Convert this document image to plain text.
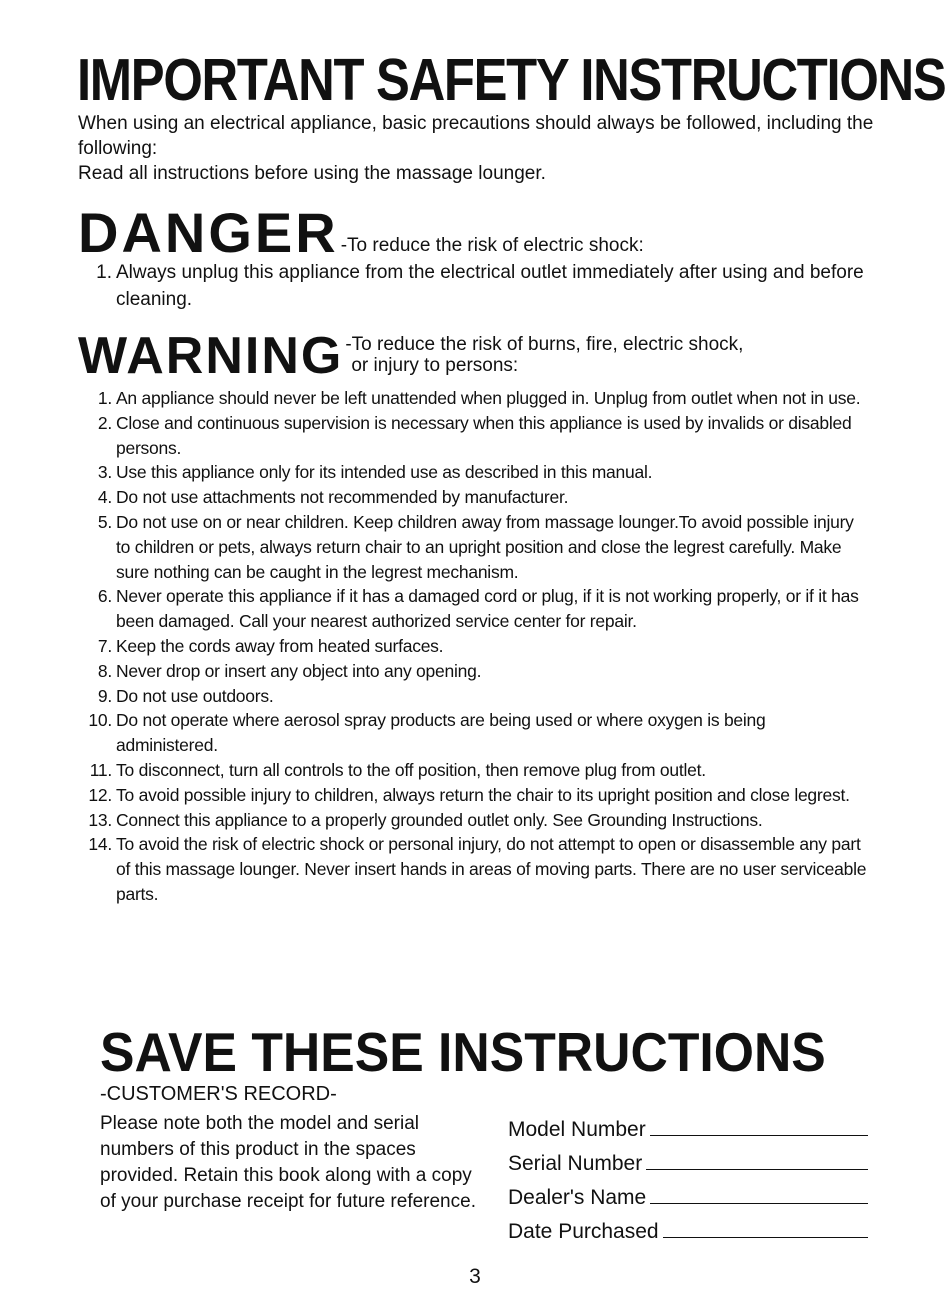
IMPORTANT SAFETY INSTRUCTIONS

When using an electrical appliance, basic precautions should always be followed, including the following:

Read all instructions before using the massage lounger.

DANGER -To reduce the risk of electric shock:
1. Always unplug this appliance from the electrical outlet immediately after using and before cleaning.
WARNING -To reduce the risk of burns, fire, electric shock,
or injury to persons:
1. An appliance should never be left unattended when plugged in. Unplug from outlet when not in use.
2. Close and continuous supervision is necessary when this appliance is used by invalids or disabled persons.
3. Use this appliance only for its intended use as described in this manual.
4. Do not use attachments not recommended by manufacturer.
5. Do not use on or near children. Keep children away from massage lounger.To avoid possible injury to children or pets, always return chair to an upright position and close the legrest carefully. Make sure nothing can be caught in the legrest mechanism.
6. Never operate this appliance if it has a damaged cord or plug, if it is not working properly, or if it has been damaged. Call your nearest authorized service center for repair.
7. Keep the cords away from heated surfaces.
8. Never drop or insert any object into any opening.
9. Do not use outdoors.
10. Do not operate where aerosol spray products are being used or where oxygen is being administered.
11. To disconnect, turn all controls to the off position, then remove plug from outlet.
12. To avoid possible injury to children, always return the chair to its upright position and close legrest.
13. Connect this appliance to a properly grounded outlet only. See Grounding Instructions.
14. To avoid the risk of electric shock or personal injury, do not attempt to open or disassemble any part of this massage lounger. Never insert hands in areas of moving parts. There are no user serviceable parts.
SAVE THESE INSTRUCTIONS
-CUSTOMER'S RECORD-
Please note both the model and serial numbers of this product in the spaces provided. Retain this book along with a copy of your purchase receipt for future reference.
Model Number
Serial Number
Dealer's Name
Date Purchased
3
